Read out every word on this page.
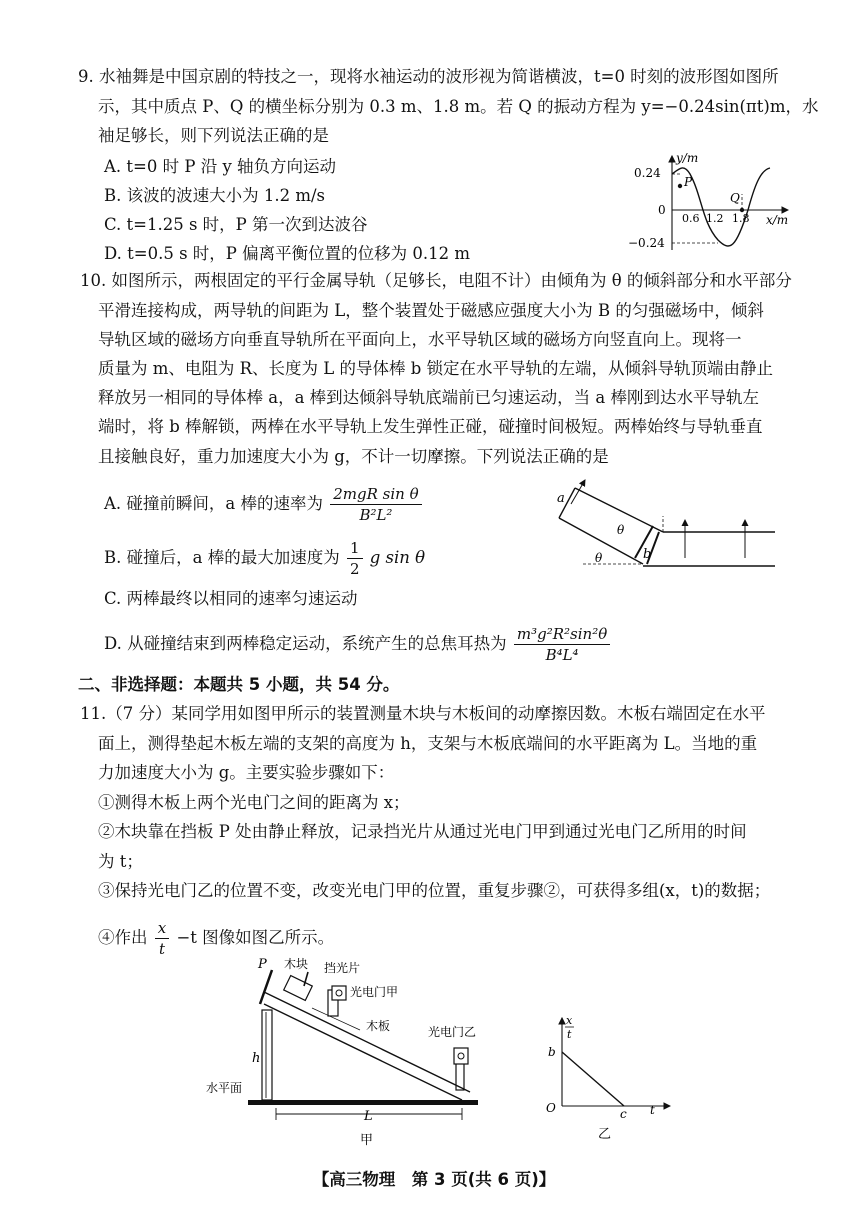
9. 水袖舞是中国京剧的特技之一，现将水袖运动的波形视为简谐横波，t=0 时刻的波形图如图所
示，其中质点 P、Q 的横坐标分别为 0.3 m、1.8 m。若 Q 的振动方程为 y=−0.24sin(πt)m，水
袖足够长，则下列说法正确的是
A. t=0 时 P 沿 y 轴负方向运动
B. 该波的波速大小为 1.2 m/s
C. t=1.25 s 时，P 第一次到达波谷
D. t=0.5 s 时，P 偏离平衡位置的位移为 0.12 m
y/m
x/m
0.24
−0.24
0
0.6 1.2 1.8
P
Q
10. 如图所示，两根固定的平行金属导轨（足够长，电阻不计）由倾角为 θ 的倾斜部分和水平部分
平滑连接构成，两导轨的间距为 L，整个装置处于磁感应强度大小为 B 的匀强磁场中，倾斜
导轨区域的磁场方向垂直导轨所在平面向上，水平导轨区域的磁场方向竖直向上。现将一
质量为 m、电阻为 R、长度为 L 的导体棒 b 锁定在水平导轨的左端，从倾斜导轨顶端由静止
释放另一相同的导体棒 a，a 棒到达倾斜导轨底端前已匀速运动，当 a 棒刚到达水平导轨左
端时，将 b 棒解锁，两棒在水平导轨上发生弹性正碰，碰撞时间极短。两棒始终与导轨垂直
且接触良好，重力加速度大小为 g，不计一切摩擦。下列说法正确的是
A. 碰撞前瞬间，a 棒的速率为 $\frac{\text{2mgR sin θ}}{\text{B²L²}}$
B. 碰撞后，a 棒的最大加速度为 $\frac{1}{2}$ g sin θ
C. 两棒最终以相同的速率匀速运动
D. 从碰撞结束到两棒稳定运动，系统产生的总焦耳热为 $\frac{\text{m³g²R²sin²θ}}{\text{B⁴L⁴}}$
a
b
θ
θ
二、非选择题：本题共 5 小题，共 54 分。
11.（7 分）某同学用如图甲所示的装置测量木块与木板间的动摩擦因数。木板右端固定在水平
面上，测得垫起木板左端的支架的高度为 h，支架与木板底端间的水平距离为 L。当地的重
力加速度大小为 g。主要实验步骤如下：
①测得木板上两个光电门之间的距离为 x；
②木块靠在挡板 P 处由静止释放，记录挡光片从通过光电门甲到通过光电门乙所用的时间
为 t；
③保持光电门乙的位置不变，改变光电门甲的位置，重复步骤②，可获得多组(x，t)的数据；
④作出 $\frac{x}{t} -t$ 图像如图乙所示。
P 木块 挡光片
光电门甲
木板	光电门乙
h
水平面
L
甲
x
t
b
O	c t
乙
【高三物理　第 3 页(共 6 页)】
